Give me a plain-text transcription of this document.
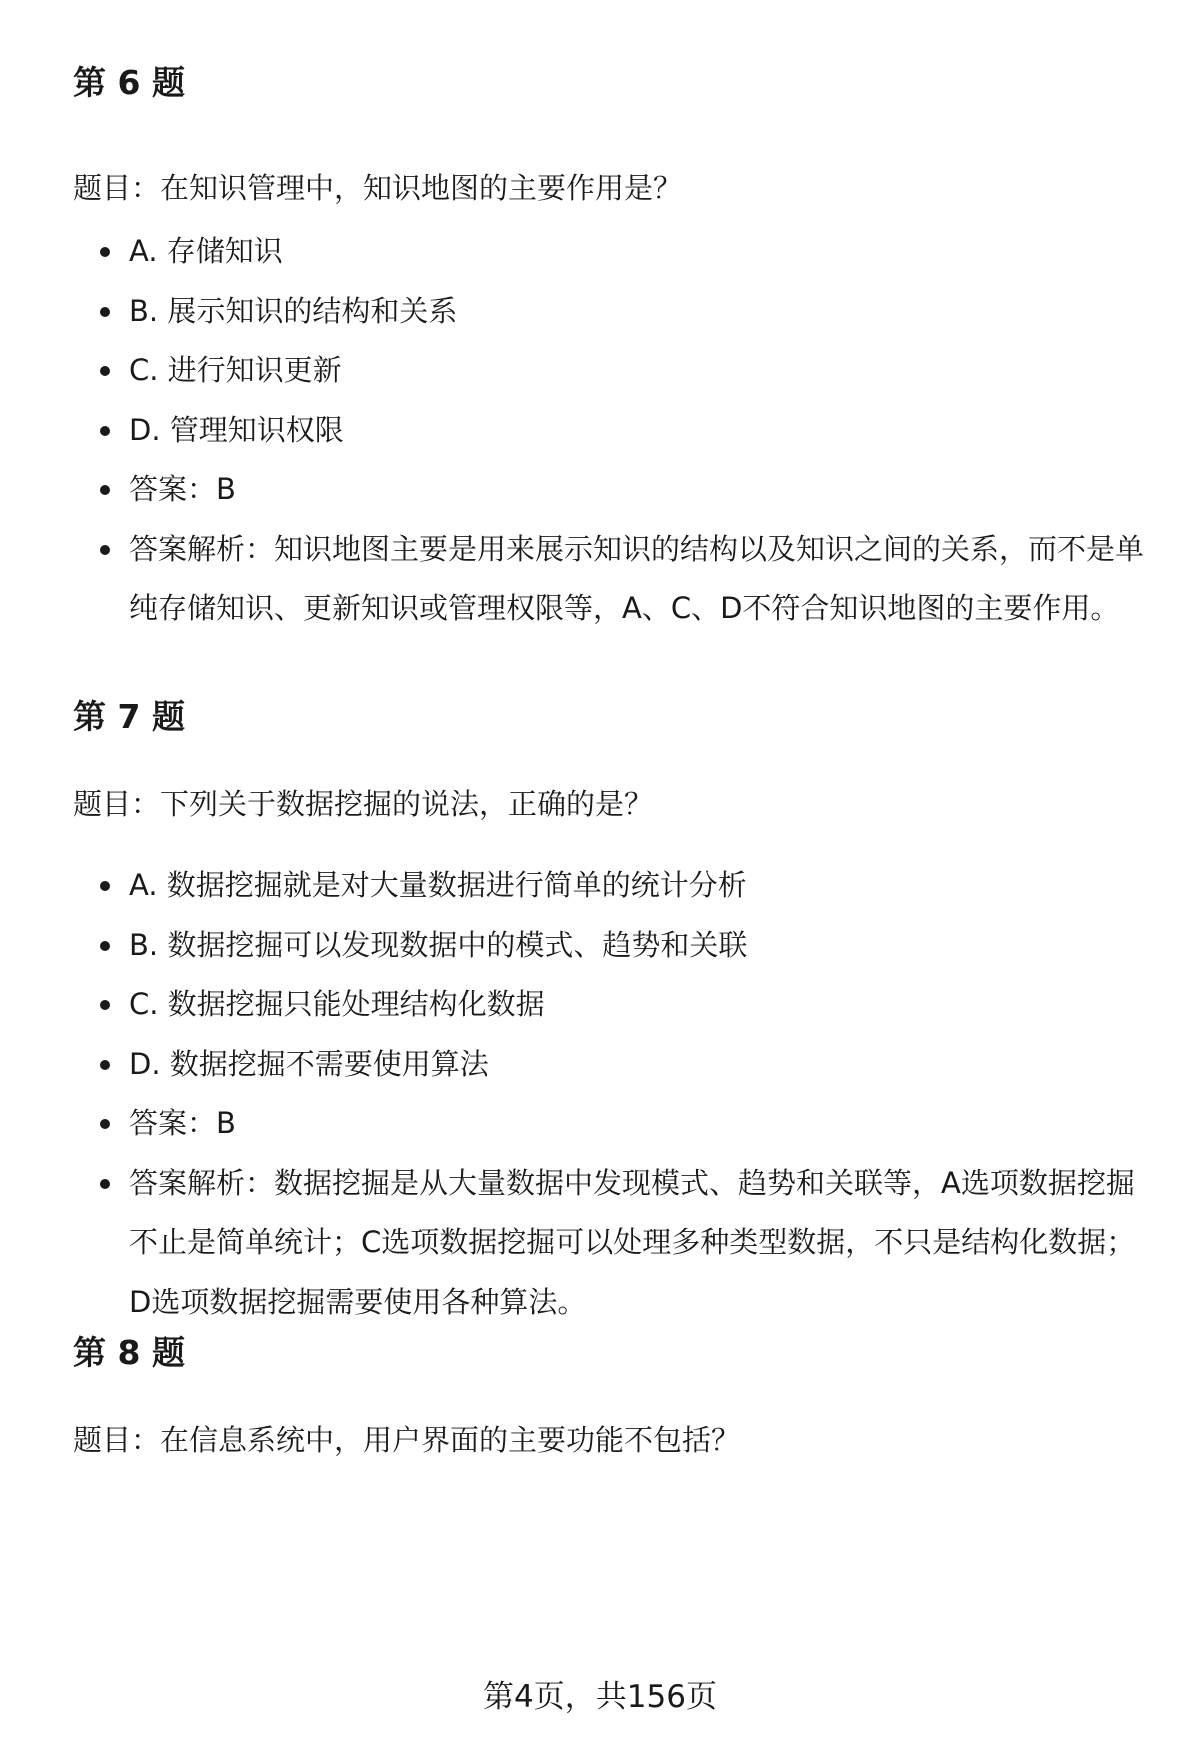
第 6 题

题目：在知识管理中，知识地图的主要作用是？

A. 存储知识
B. 展示知识的结构和关系
C. 进行知识更新
D. 管理知识权限
答案：B
答案解析：知识地图主要是用来展示知识的结构以及知识之间的关系，而不是单纯存储知识、更新知识或管理权限等，A、C、D不符合知识地图的主要作用。
第 7 题

题目：下列关于数据挖掘的说法，正确的是？

A. 数据挖掘就是对大量数据进行简单的统计分析
B. 数据挖掘可以发现数据中的模式、趋势和关联
C. 数据挖掘只能处理结构化数据
D. 数据挖掘不需要使用算法
答案：B
答案解析：数据挖掘是从大量数据中发现模式、趋势和关联等，A选项数据挖掘不止是简单统计；C选项数据挖掘可以处理多种类型数据，不只是结构化数据；D选项数据挖掘需要使用各种算法。
第 8 题

题目：在信息系统中，用户界面的主要功能不包括？

第4页，共156页
